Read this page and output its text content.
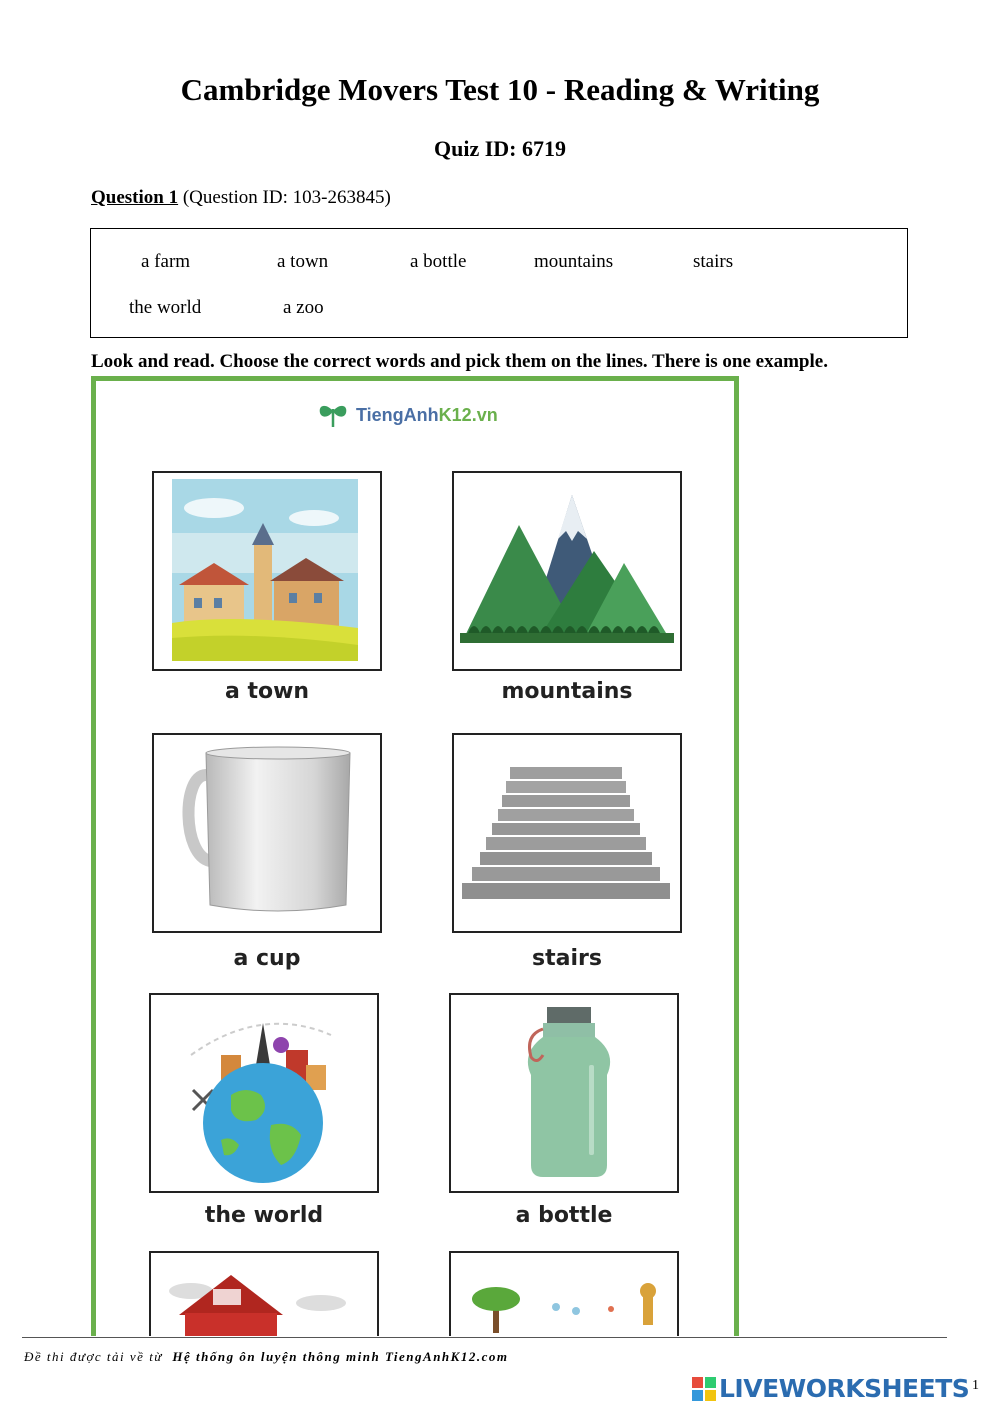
Cambridge Movers Test 10 - Reading & Writing
Quiz ID: 6719
Question 1 (Question ID: 103-263845)
a farm	a town	a bottle	mountains	stairs
the world	a zoo
Look and read. Choose the correct words and pick them on the lines. There is one example.
TiengAnhK12.vn
a town	mountains
a cup	stairs
the world	a bottle
Đề thi được tải về từ Hệ thống ôn luyện thông minh TiengAnhK12.com
LIVEWORKSHEETS 1
